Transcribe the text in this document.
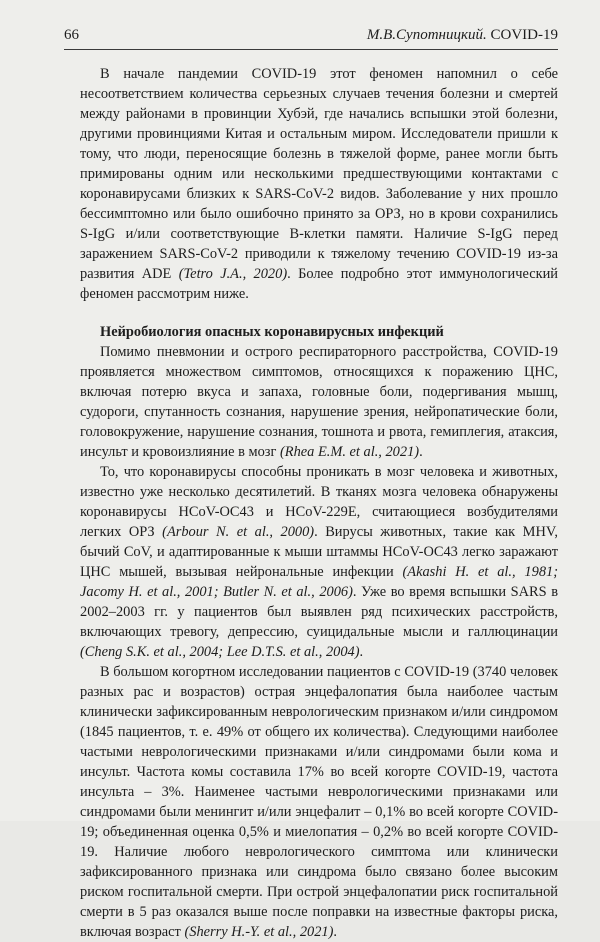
66	М.В.Супотницкий. COVID-19

В начале пандемии COVID-19 этот феномен напомнил о себе несоответствием количества серьезных случаев течения болезни и смертей между районами в провинции Хубэй, где начались вспышки этой болезни, другими провинциями Китая и остальным миром. Исследователи пришли к тому, что люди, переносящие болезнь в тяжелой форме, ранее могли быть примированы одним или несколькими предшествующими контактами с коронавирусами близких к SARS-CoV-2 видов. Заболевание у них прошло бессимптомно или было ошибочно принято за ОРЗ, но в крови сохранились S-IgG и/или соответствующие B-клетки памяти. Наличие S-IgG перед заражением SARS-CoV-2 приводили к тяжелому течению COVID-19 из-за развития ADE (Tetro J.A., 2020). Более подробно этот иммунологический феномен рассмотрим ниже.

Нейробиология опасных коронавирусных инфекций

Помимо пневмонии и острого респираторного расстройства, COVID-19 проявляется множеством симптомов, относящихся к поражению ЦНС, включая потерю вкуса и запаха, головные боли, подергивания мышц, судороги, спутанность сознания, нарушение зрения, нейропатические боли, головокружение, нарушение сознания, тошнота и рвота, гемиплегия, атаксия, инсульт и кровоизлияние в мозг (Rhea E.M. et al., 2021).

То, что коронавирусы способны проникать в мозг человека и животных, известно уже несколько десятилетий. В тканях мозга человека обнаружены коронавирусы HCoV-OC43 и HCoV-229E, считающиеся возбудителями легких ОРЗ (Arbour N. et al., 2000). Вирусы животных, такие как MHV, бычий CoV, и адаптированные к мыши штаммы HCoV-OC43 легко заражают ЦНС мышей, вызывая нейрональные инфекции (Akashi H. et al., 1981; Jacomy H. et al., 2001; Butler N. et al., 2006). Уже во время вспышки SARS в 2002–2003 гг. у пациентов был выявлен ряд психических расстройств, включающих тревогу, депрессию, суицидальные мысли и галлюцинации (Cheng S.K. et al., 2004; Lee D.T.S. et al., 2004).

В большом когортном исследовании пациентов с COVID-19 (3740 человек разных рас и возрастов) острая энцефалопатия была наиболее частым клинически зафиксированным неврологическим признаком и/или синдромом (1845 пациентов, т. е. 49% от общего их количества). Следующими наиболее частыми неврологическими признаками и/или синдромами были кома и инсульт. Частота комы составила 17% во всей когорте COVID-19, частота инсульта – 3%. Наименее частыми неврологическими признаками или синдромами были менингит и/или энцефалит – 0,1% во всей когорте COVID-19; объединенная оценка 0,5% и миелопатия – 0,2% во всей когорте COVID-19. Наличие любого неврологического симптома или клинически зафиксированного признака или синдрома было связано более высоким риском госпитальной смерти. При острой энцефалопатии риск госпитальной смерти в 5 раз оказался выше после поправки на известные факторы риска, включая возраст (Sherry H.-Y. et al., 2021).
